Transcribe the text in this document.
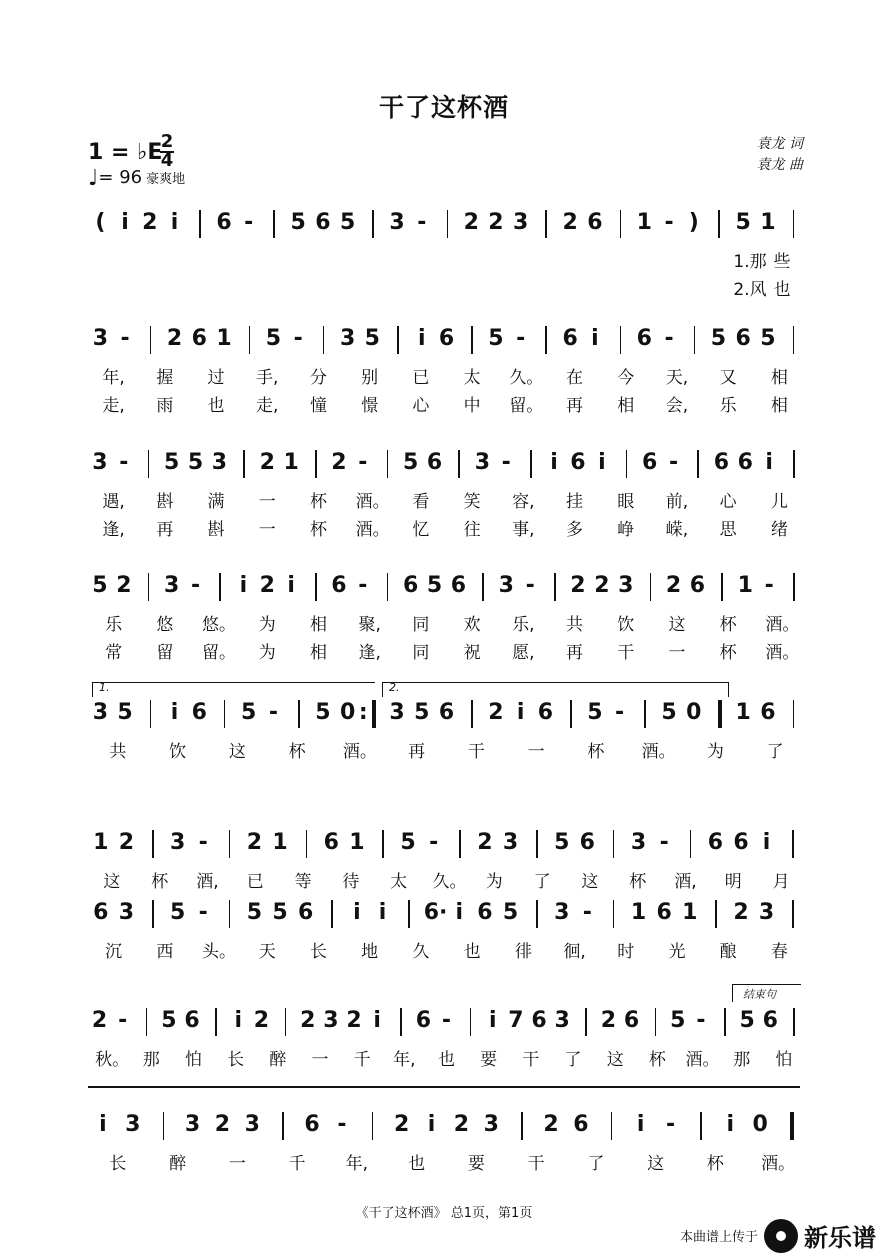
干了这杯酒
1 = ♭E
2
4
♩= 96 豪爽地
袁龙 词
袁龙 曲
( i 2 i 6 - 5 6 5 3 - 2 2 3 2 6 1 - ) 5 1
1.那 些
2.风 也
3 - 2 6 1 5 - 3 5 i 6 5 - 6 i 6 - 5 6 5
年,	握	过	手,	分	别	已	太	久。	在	今	天,	又	相
走,	雨	也	走,	憧	憬	心	中	留。	再	相	会,	乐	相
3 - 5 5 3 2 1 2 - 5 6 3 - i 6 i 6 - 6 6 i
遇,	斟	满	一	杯	酒。	看	笑	容,	挂	眼	前,	心	儿
逢,	再	斟	一	杯	酒。	忆	往	事,	多	峥	嵘,	思	绪
5 2 3 - i 2 i 6 - 6 5 6 3 - 2 2 3 2 6 1 -
乐	悠	悠。	为	相	聚,	同	欢	乐,	共	饮	这	杯	酒。
常	留	留。	为	相	逢,	同	祝	愿,	再	干	一	杯	酒。
3 5 i 6 5 - 5 0 : 3 5 6 2 i 6 5 - 5 0 1 6
共	饮	这	杯	酒。	再	干	一	杯	酒。	为	了
1.	2.
1 2 3 - 2 1 6 1 5 - 2 3 5 6 3 - 6 6 i
这	杯	酒,	已	等	待	太	久。	为	了	这	杯	酒,	明	月
6 3 5 - 5 5 6 i i 6· i 6 5 3 - 1 6 1 2 3
沉	西	头。	天	长	地	久	也	徘	徊,	时	光	酿	春
2 - 5 6 i 2 2 3 2 i 6 - i 7 6 3 2 6 5 - 5 6
秋。 那	怕	长	醉	一	千	年,	也	要	干	了	这	杯	酒。 那	怕
结束句
i 3 3 2 3 6 - 2 i 2 3 2 6 i - i 0
长	醉	一	千	年,	也	要	干	了	这	杯	酒。
《干了这杯酒》 总1页，第1页
本曲谱上传于 新乐谱
